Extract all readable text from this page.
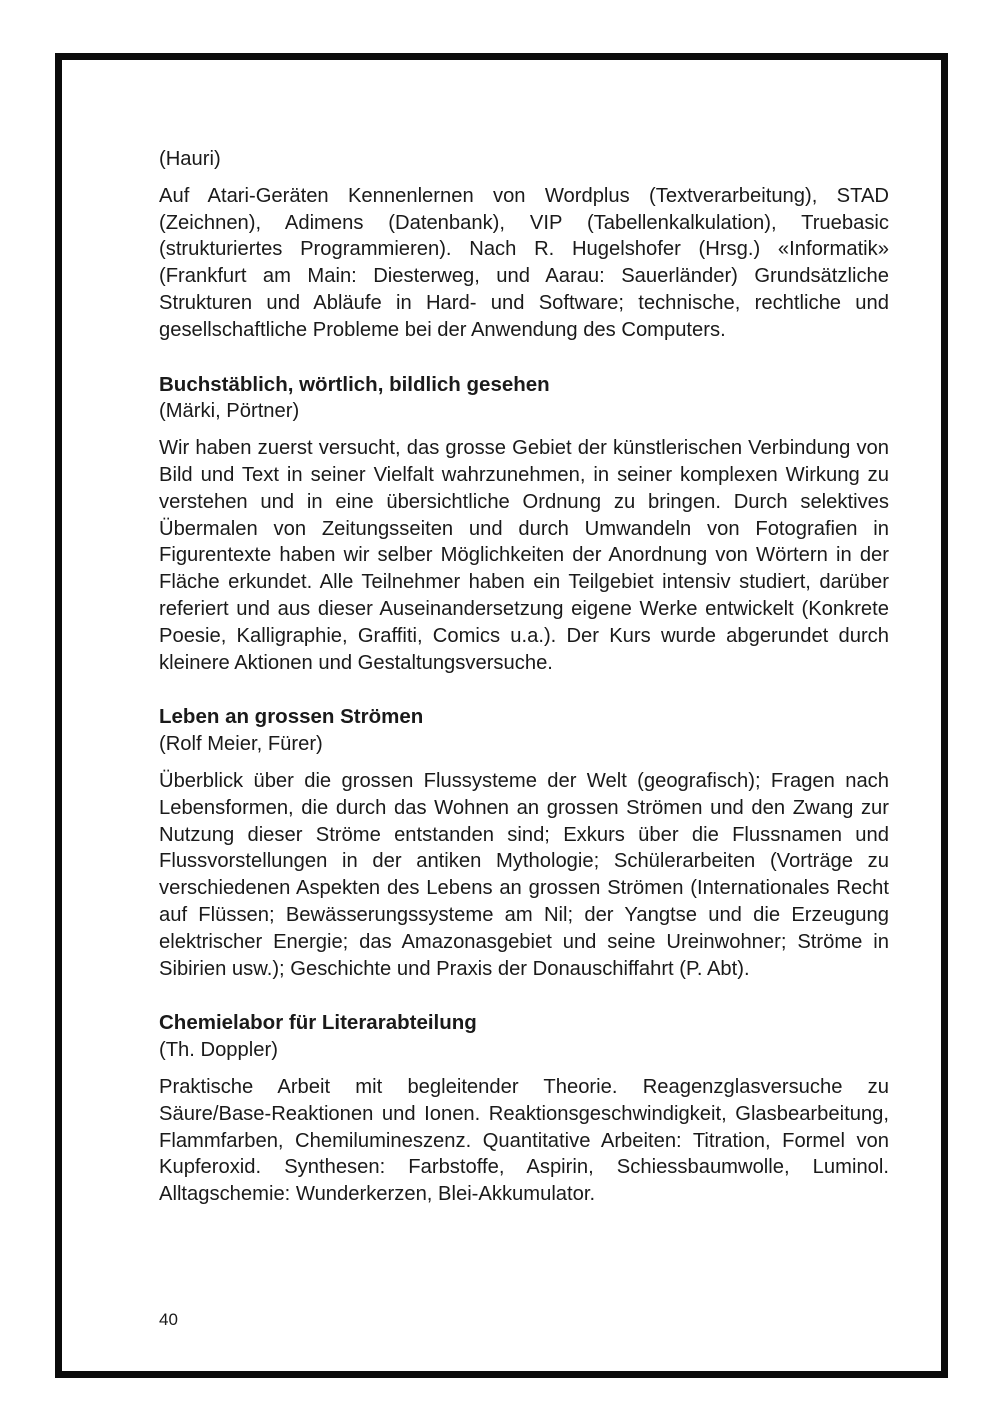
(Hauri)

Auf Atari-Geräten Kennenlernen von Wordplus (Textverarbeitung), STAD (Zeichnen), Adimens (Datenbank), VIP (Tabellenkalkulation), Truebasic (strukturiertes Programmieren). Nach R. Hugelshofer (Hrsg.) «Informatik» (Frankfurt am Main: Diesterweg, und Aarau: Sauerländer) Grundsätzliche Strukturen und Abläufe in Hard- und Software; technische, rechtliche und gesellschaftliche Probleme bei der Anwendung des Computers.

Buchstäblich, wörtlich, bildlich gesehen

(Märki, Pörtner)

Wir haben zuerst versucht, das grosse Gebiet der künstlerischen Verbindung von Bild und Text in seiner Vielfalt wahrzunehmen, in seiner komplexen Wirkung zu verstehen und in eine übersichtliche Ordnung zu bringen. Durch selektives Übermalen von Zeitungsseiten und durch Umwandeln von Fotografien in Figurentexte haben wir selber Möglichkeiten der Anordnung von Wörtern in der Fläche erkundet. Alle Teilnehmer haben ein Teilgebiet intensiv studiert, darüber referiert und aus dieser Auseinandersetzung eigene Werke entwickelt (Konkrete Poesie, Kalligraphie, Graffiti, Comics u.a.). Der Kurs wurde abgerundet durch kleinere Aktionen und Gestaltungsversuche.

Leben an grossen Strömen

(Rolf Meier, Fürer)

Überblick über die grossen Flussysteme der Welt (geografisch); Fragen nach Lebensformen, die durch das Wohnen an grossen Strömen und den Zwang zur Nutzung dieser Ströme entstanden sind; Exkurs über die Flussnamen und Flussvorstellungen in der antiken Mythologie; Schülerarbeiten (Vorträge zu verschiedenen Aspekten des Lebens an grossen Strömen (Internationales Recht auf Flüssen; Bewässerungssysteme am Nil; der Yangtse und die Erzeugung elektrischer Energie; das Amazonasgebiet und seine Ureinwohner; Ströme in Sibirien usw.); Geschichte und Praxis der Donauschiffahrt (P. Abt).

Chemielabor für Literarabteilung

(Th. Doppler)

Praktische Arbeit mit begleitender Theorie. Reagenzglasversuche zu Säure/Base-Reaktionen und Ionen. Reaktionsgeschwindigkeit, Glasbearbeitung, Flammfarben, Chemilumineszenz. Quantitative Arbeiten: Titration, Formel von Kupferoxid. Synthesen: Farbstoffe, Aspirin, Schiessbaumwolle, Luminol. Alltagschemie: Wunderkerzen, Blei-Akkumulator.

40
